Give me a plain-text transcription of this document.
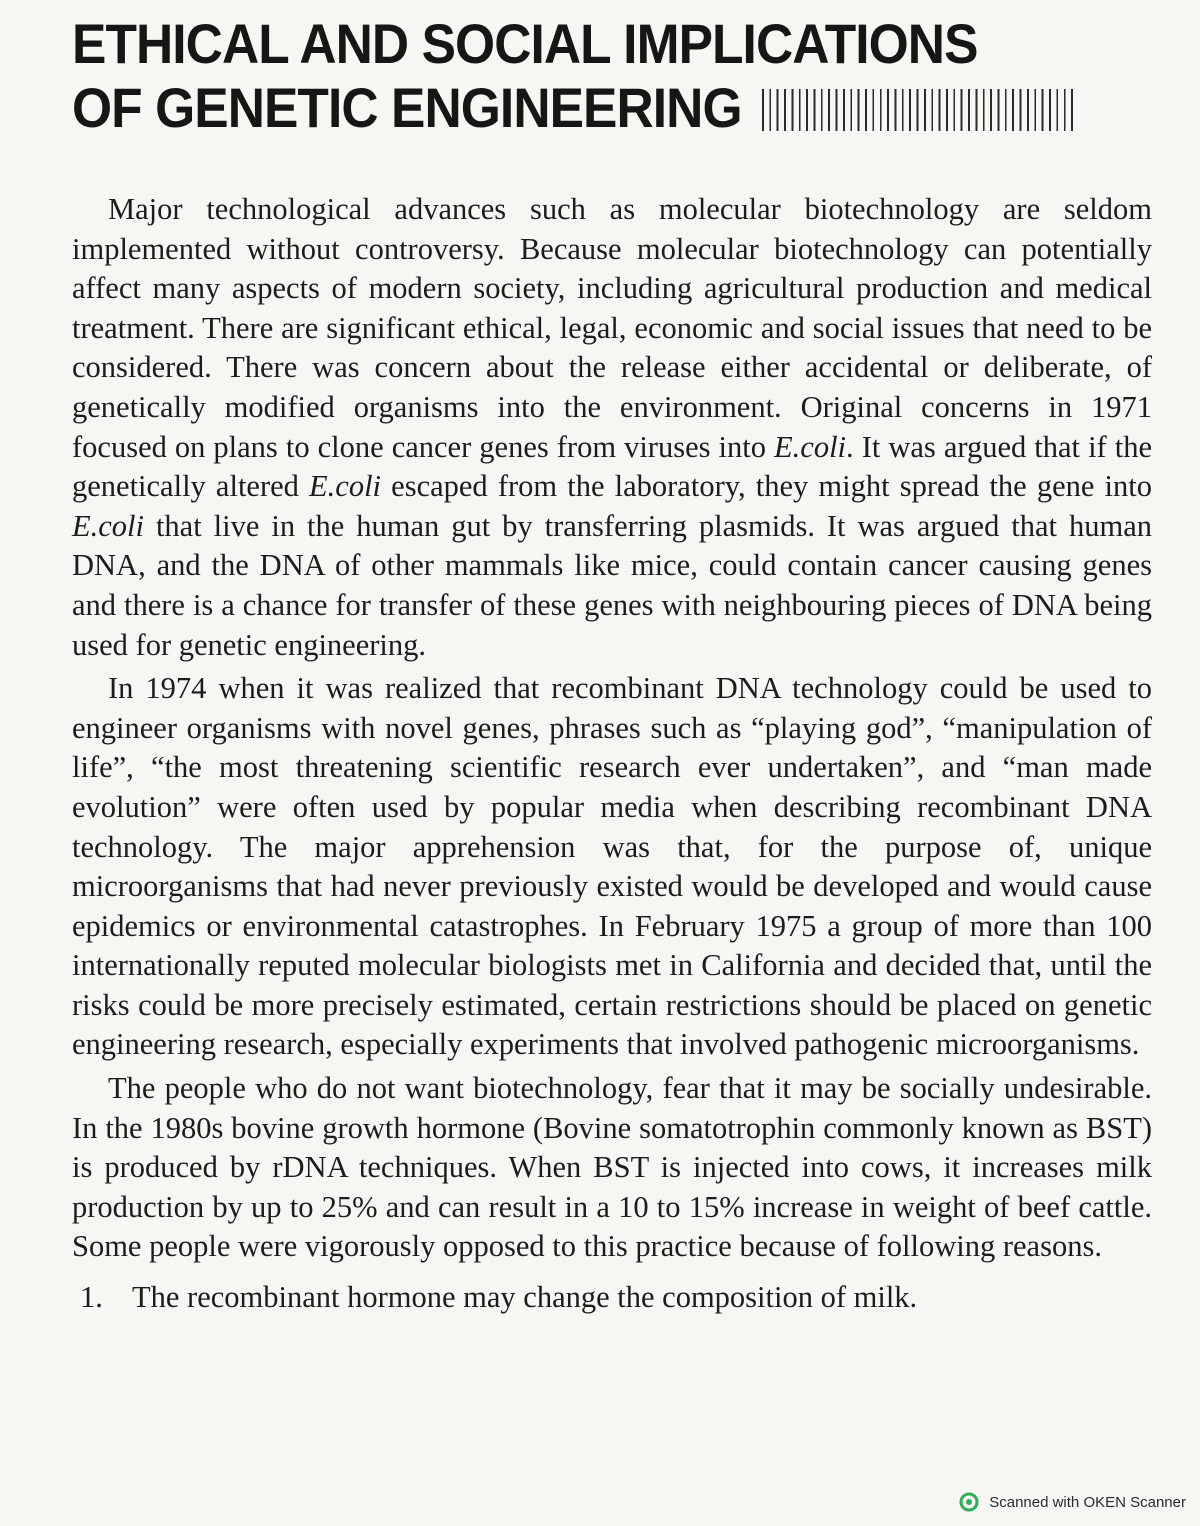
ETHICAL AND SOCIAL IMPLICATIONS
OF GENETIC ENGINEERING

Major technological advances such as molecular biotechnology are seldom implemented without controversy. Because molecular biotechnology can potentially affect many aspects of modern society, including agricultural production and medical treatment. There are significant ethical, legal, economic and social issues that need to be considered. There was concern about the release either accidental or deliberate, of genetically modified organisms into the environment. Original concerns in 1971 focused on plans to clone cancer genes from viruses into E.coli. It was argued that if the genetically altered E.coli escaped from the laboratory, they might spread the gene into E.coli that live in the human gut by transferring plasmids. It was argued that human DNA, and the DNA of other mammals like mice, could contain cancer causing genes and there is a chance for transfer of these genes with neighbouring pieces of DNA being used for genetic engineering.

In 1974 when it was realized that recombinant DNA technology could be used to engineer organisms with novel genes, phrases such as “playing god”, “manipulation of life”, “the most threatening scientific research ever undertaken”, and “man made evolution” were often used by popular media when describing recombinant DNA technology. The major apprehension was that, for the purpose of, unique microorganisms that had never previously existed would be developed and would cause epidemics or environmental catastrophes. In February 1975 a group of more than 100 internationally reputed molecular biologists met in California and decided that, until the risks could be more precisely estimated, certain restrictions should be placed on genetic engineering research, especially experiments that involved pathogenic microorganisms.

The people who do not want biotechnology, fear that it may be socially undesirable. In the 1980s bovine growth hormone (Bovine somatotrophin commonly known as BST) is produced by rDNA techniques. When BST is injected into cows, it increases milk production by up to 25% and can result in a 10 to 15% increase in weight of beef cattle. Some people were vigorously opposed to this practice because of following reasons.

1. The recombinant hormone may change the composition of milk.
Scanned with OKEN Scanner
